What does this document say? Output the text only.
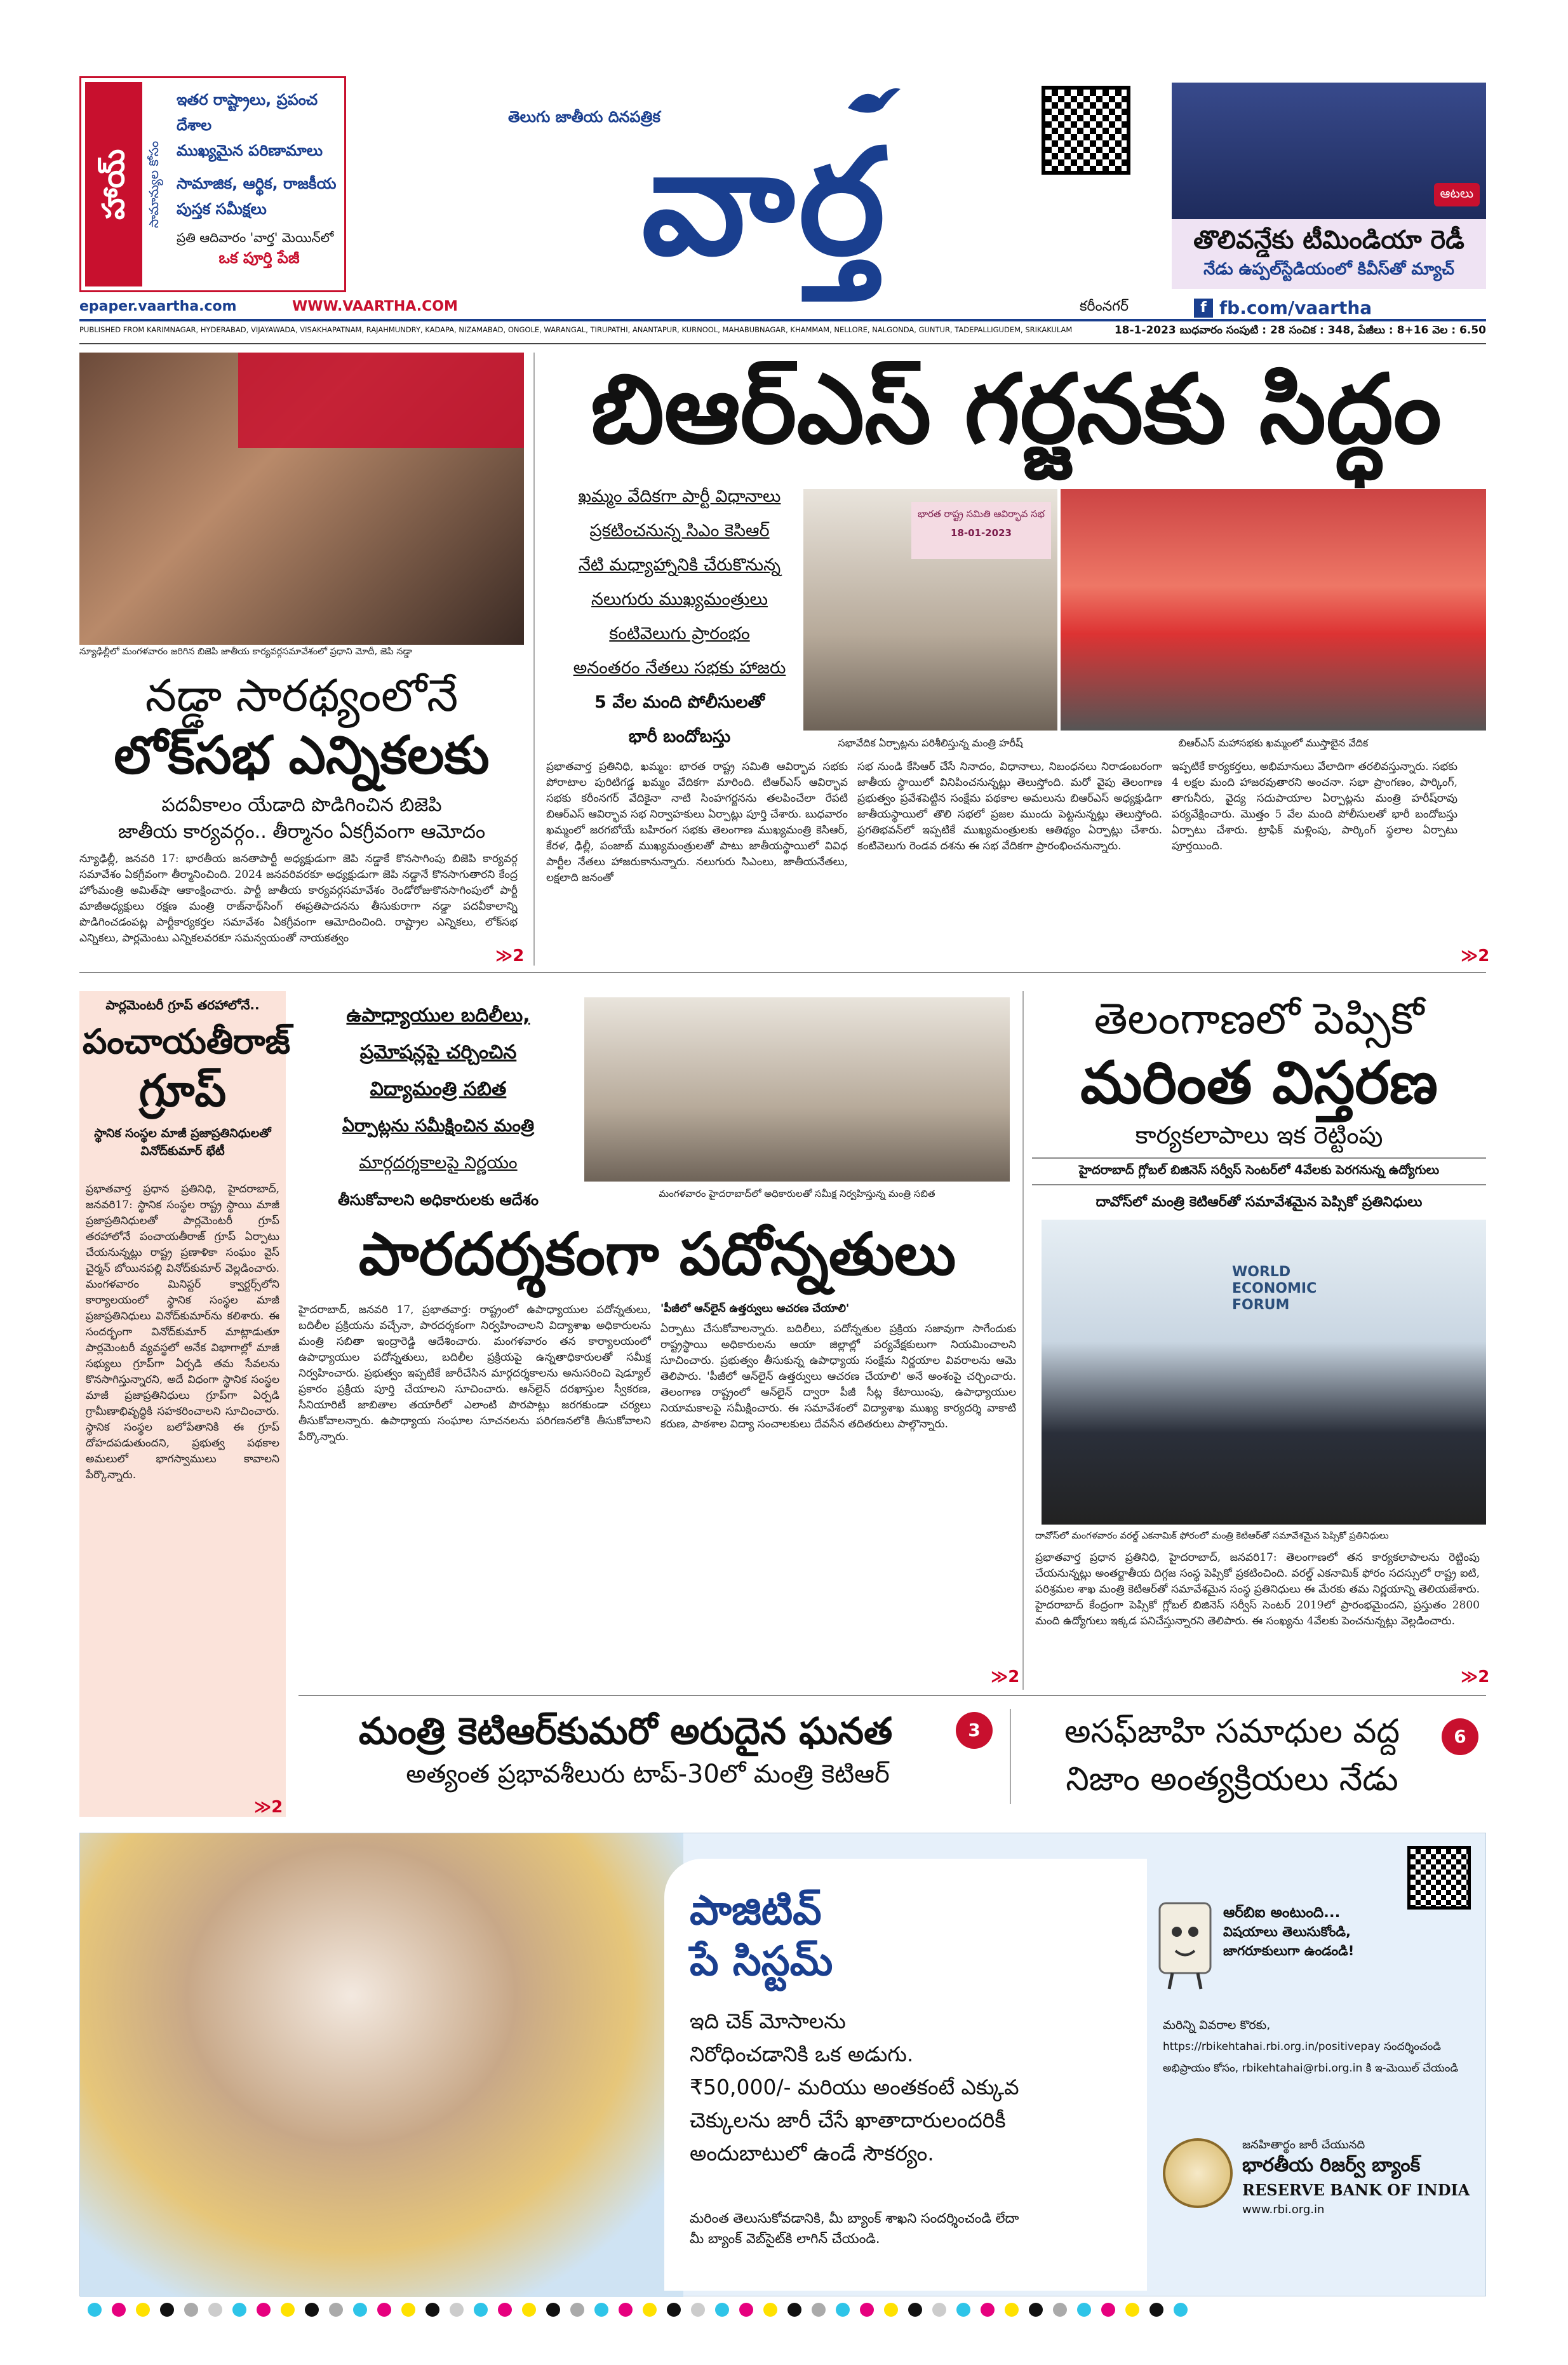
హాయ్	సామాన్యుల కోసం
ఇతర రాష్ట్రాలు, ప్రపంచ దేశాల
ముఖ్యమైన పరిణామాలు
సామాజిక, ఆర్థిక, రాజకీయ
పుస్తక సమీక్షలు
ప్రతి ఆదివారం 'వార్త' మెయిన్‌లో
ఒక పూర్తి పేజీ
తెలుగు జాతీయ దినపత్రిక
వార్త
f fb.com/vaartha
ఆటలు
తొలివన్డేకు టీమిండియా రెడీ
నేడు ఉప్పల్‌స్టేడియంలో కివీస్‌తో మ్యాచ్
epaper.vaartha.com	WWW.VAARTHA.COM	కరీంనగర్
PUBLISHED FROM KARIMNAGAR, HYDERABAD, VIJAYAWADA, VISAKHAPATNAM, RAJAHMUNDRY, KADAPA, NIZAMABAD, ONGOLE, WARANGAL, TIRUPATHI, ANANTAPUR, KURNOOL, MAHABUBNAGAR, KHAMMAM, NELLORE, NALGONDA, GUNTUR, TADEPALLIGUDEM, SRIKAKULAM	18-1-2023 బుధవారం సంపుటి : 28 సంచిక : 348, పేజీలు : 8+16 వెల : 6.50
న్యూఢిల్లీలో మంగళవారం జరిగిన బిజెపి జాతీయ కార్యవర్గసమావేశంలో ప్రధాని మోదీ, జెపి నడ్డా
నడ్డా సారథ్యంలోనే
లోక్‌సభ ఎన్నికలకు
పదవీకాలం యేడాది పొడిగించిన బిజెపి
జాతీయ కార్యవర్గం.. తీర్మానం ఏకగ్రీవంగా ఆమోదం
న్యూఢిల్లీ, జనవరి 17: భారతీయ జనతాపార్టీ అధ్యక్షుడుగా జెపి నడ్డాకే కొనసాగింపు బిజెపి కార్యవర్గ సమావేశం ఏకగ్రీవంగా తీర్మానించింది. 2024 జనవరివరకూ అధ్యక్షుడుగా జెపి నడ్డానే కొనసాగుతారని కేంద్ర హోంమంత్రి అమిత్‌షా ఆకాంక్షించారు. పార్టీ జాతీయ కార్యవర్గసమావేశం రెండోరోజుకొనసాగింపులో పార్టీ మాజీఅధ్యక్షులు రక్షణ మంత్రి రాజ్‌నాథ్‌సింగ్ ఈప్రతిపాదనను తీసుకురాగా నడ్డా పదవీకాలాన్ని పొడిగించడంపట్ల పార్టీకార్యకర్తల సమావేశం ఏకగ్రీవంగా ఆమోదించింది. రాష్ట్రాల ఎన్నికలు, లోక్‌సభ ఎన్నికలు, పార్లమెంటు ఎన్నికలవరకూ సమన్వయంతో నాయకత్వం
≫2
బిఆర్‌ఎస్ గర్జనకు సిద్ధం
ఖమ్మం వేదికగా పార్టీ విధానాలు
ప్రకటించనున్న సిఎం కెసిఆర్
నేటి మధ్యాహ్నానికి చేరుకొనున్న
నలుగురు ముఖ్యమంత్రులు
కంటివెలుగు ప్రారంభం
అనంతరం నేతలు సభకు హాజరు
5 వేల మంది పోలీసులతో
భారీ బందోబస్తు
భారత రాష్ట్ర సమితి ఆవిర్భావ సభ
18-01-2023
సభావేదిక ఏర్పాట్లను పరిశీలిస్తున్న మంత్రి హరీష్	బిఆర్‌ఎస్ మహాసభకు ఖమ్మంలో ముస్తాబైన వేదిక
ప్రభాతవార్త ప్రతినిధి, ఖమ్మం: భారత రాష్ట్ర సమితి ఆవిర్భావ సభకు పోరాటాల పురిటిగడ్డ ఖమ్మం వేదికగా మారింది. టిఆర్‌ఎస్ ఆవిర్భావ సభకు కరీంనగర్ వేదికైనా నాటి సింహగర్జనను తలపించేలా రేపటి బిఆర్‌ఎస్ ఆవిర్భావ సభ నిర్వాహకులు ఏర్పాట్లు పూర్తి చేశారు. బుధవారం ఖమ్మంలో జరగబోయే బహిరంగ సభకు తెలంగాణ ముఖ్యమంత్రి కెసిఆర్, కేరళ, ఢిల్లీ, పంజాబ్ ముఖ్యమంత్రులతో పాటు జాతీయస్థాయిలో వివిధ పార్టీల నేతలు హాజరుకానున్నారు. నలుగురు సిఎంలు, జాతీయనేతలు, లక్షలాది జనంతో
సభ నుండి కేసిఆర్ చేసే నినాదం, విధానాలు, నిబంధనలు నిరాడంబరంగా జాతీయ స్థాయిలో వినిపించనున్నట్లు తెలుస్తోంది. మరో వైపు తెలంగాణ ప్రభుత్వం ప్రవేశపెట్టిన సంక్షేమ పథకాల అమలును బిఆర్‌ఎస్ అధ్యక్షుడిగా జాతీయస్థాయిలో తొలి సభలో ప్రజల ముందు పెట్టనున్నట్లు తెలుస్తోంది. ప్రగతిభవన్‌లో ఇప్పటికే ముఖ్యమంత్రులకు ఆతిథ్యం ఏర్పాట్లు చేశారు. కంటివెలుగు రెండవ దశను ఈ సభ వేదికగా ప్రారంభించనున్నారు.
ఇప్పటికే కార్యకర్తలు, అభిమానులు వేలాదిగా తరలివస్తున్నారు. సభకు 4 లక్షల మంది హాజరవుతారని అంచనా. సభా ప్రాంగణం, పార్కింగ్, తాగునీరు, వైద్య సదుపాయాల ఏర్పాట్లను మంత్రి హరీష్‌రావు పర్యవేక్షించారు. మొత్తం 5 వేల మంది పోలీసులతో భారీ బందోబస్తు ఏర్పాటు చేశారు. ట్రాఫిక్ మళ్లింపు, పార్కింగ్ స్థలాల ఏర్పాటు పూర్తయింది.
≫2
పార్లమెంటరీ గ్రూప్ తరహాలోనే..
పంచాయతీరాజ్
గ్రూప్
స్థానిక సంస్థల మాజీ ప్రజాప్రతినిధులతో వినోద్‌కుమార్ భేటీ
ప్రభాతవార్త ప్రధాన ప్రతినిధి, హైదరాబాద్, జనవరి17: స్థానిక సంస్థల రాష్ట్ర స్థాయి మాజీ ప్రజాప్రతినిధులతో పార్లమెంటరీ గ్రూప్ తరహాలోనే పంచాయతీరాజ్ గ్రూప్ ఏర్పాటు చేయనున్నట్లు రాష్ట్ర ప్రణాళికా సంఘం వైస్ చైర్మన్ బోయినపల్లి వినోద్‌కుమార్ వెల్లడించారు. మంగళవారం మినిస్టర్ క్వార్టర్స్‌లోని కార్యాలయంలో స్థానిక సంస్థల మాజీ ప్రజాప్రతినిధులు వినోద్‌కుమార్‌ను కలిశారు. ఈ సందర్భంగా వినోద్‌కుమార్ మాట్లాడుతూ పార్లమెంటరీ వ్యవస్థలో అనేక విభాగాల్లో మాజీ సభ్యులు గ్రూప్‌గా ఏర్పడి తమ సేవలను కొనసాగిస్తున్నారని, అదే విధంగా స్థానిక సంస్థల మాజీ ప్రజాప్రతినిధులు గ్రూప్‌గా ఏర్పడి గ్రామీణాభివృద్ధికి సహకరించాలని సూచించారు. స్థానిక సంస్థల బలోపేతానికి ఈ గ్రూప్ దోహదపడుతుందని, ప్రభుత్వ పథకాల అమలులో భాగస్వాములు కావాలని పేర్కొన్నారు.
≫2
ఉపాధ్యాయుల బదిలీలు,
ప్రమోషన్లపై చర్చించిన
విద్యామంత్రి సబిత
ఏర్పాట్లను సమీక్షించిన మంత్రి
మార్గదర్శకాలపై నిర్ణయం
తీసుకోవాలని అధికారులకు ఆదేశం	మంగళవారం హైదరాబాద్‌లో అధికారులతో సమీక్ష నిర్వహిస్తున్న మంత్రి సబిత
పారదర్శకంగా పదోన్నతులు
హైదరాబాద్, జనవరి 17, ప్రభాతవార్త: రాష్ట్రంలో ఉపాధ్యాయుల పదోన్నతులు, బదిలీల ప్రక్రియను వచ్చేనా, పారదర్శకంగా నిర్వహించాలని విద్యాశాఖ అధికారులను మంత్రి సబితా ఇంద్రారెడ్డి ఆదేశించారు. మంగళవారం తన కార్యాలయంలో ఉపాధ్యాయుల పదోన్నతులు, బదిలీల ప్రక్రియపై ఉన్నతాధికారులతో సమీక్ష నిర్వహించారు. ప్రభుత్వం ఇప్పటికే జారీచేసిన మార్గదర్శకాలను అనుసరించి షెడ్యూల్ ప్రకారం ప్రక్రియ పూర్తి చేయాలని సూచించారు. ఆన్‌లైన్ దరఖాస్తుల స్వీకరణ, సీనియారిటీ జాబితాల తయారీలో ఎలాంటి పొరపాట్లు జరగకుండా చర్యలు తీసుకోవాలన్నారు. ఉపాధ్యాయ సంఘాల సూచనలను పరిగణనలోకి తీసుకోవాలని పేర్కొన్నారు.
'పీజీలో ఆన్‌లైన్ ఉత్తర్వులు ఆచరణ చేయాలి'
ఏర్పాటు చేసుకోవాలన్నారు. బదిలీలు, పదోన్నతుల ప్రక్రియ సజావుగా సాగేందుకు రాష్ట్రస్థాయి అధికారులను ఆయా జిల్లాల్లో పర్యవేక్షకులుగా నియమించాలని సూచించారు. ప్రభుత్వం తీసుకున్న ఉపాధ్యాయ సంక్షేమ నిర్ణయాల వివరాలను ఆమె తెలిపారు. 'పీజీలో ఆన్‌లైన్ ఉత్తర్వులు ఆచరణ చేయాలి' అనే అంశంపై చర్చించారు. తెలంగాణ రాష్ట్రంలో ఆన్‌లైన్ ద్వారా పీజీ సీట్ల కేటాయింపు, ఉపాధ్యాయుల నియామకాలపై సమీక్షించారు. ఈ సమావేశంలో విద్యాశాఖ ముఖ్య కార్యదర్శి వాకాటి కరుణ, పాఠశాల విద్యా సంచాలకులు దేవసేన తదితరులు పాల్గొన్నారు.
≫2
తెలంగాణలో పెప్సికో
మరింత విస్తరణ
కార్యకలాపాలు ఇక రెట్టింపు
హైదరాబాద్ గ్లోబల్ బిజినెస్ సర్వీస్ సెంటర్‌లో 4వేలకు పెరగనున్న ఉద్యోగులు
దావోస్‌లో మంత్రి కెటిఆర్‌తో సమావేశమైన పెప్సికో ప్రతినిధులు
WORLD
ECONOMIC
FORUM
దావోస్‌లో మంగళవారం వరల్డ్ ఎకనామిక్ ఫోరంలో మంత్రి కెటిఆర్‌తో సమావేశమైన పెప్సికో ప్రతినిధులు
ప్రభాతవార్త ప్రధాన ప్రతినిధి, హైదరాబాద్, జనవరి17: తెలంగాణలో తన కార్యకలాపాలను రెట్టింపు చేయనున్నట్లు అంతర్జాతీయ దిగ్గజ సంస్థ పెప్సికో ప్రకటించింది. వరల్డ్ ఎకనామిక్ ఫోరం సదస్సులో రాష్ట్ర ఐటి, పరిశ్రమల శాఖ మంత్రి కెటిఆర్‌తో సమావేశమైన సంస్థ ప్రతినిధులు ఈ మేరకు తమ నిర్ణయాన్ని తెలియజేశారు. హైదరాబాద్ కేంద్రంగా పెప్సికో గ్లోబల్ బిజినెస్ సర్వీస్ సెంటర్ 2019లో ప్రారంభమైందని, ప్రస్తుతం 2800 మంది ఉద్యోగులు ఇక్కడ పనిచేస్తున్నారని తెలిపారు. ఈ సంఖ్యను 4వేలకు పెంచనున్నట్లు వెల్లడించారు.
≫2
మంత్రి కెటిఆర్‌కుమరో అరుదైన ఘనత	3
అత్యంత ప్రభావశీలురు టాప్-30లో మంత్రి కెటిఆర్
అసఫ్‌జాహి సమాధుల వద్ద
నిజాం అంత్యక్రియలు నేడు
6
పాజిటివ్
పే సిస్టమ్
ఇది చెక్ మోసాలను
నిరోధించడానికి ఒక అడుగు.
₹50,000/- మరియు అంతకంటే ఎక్కువ
చెక్కులను జారీ చేసే ఖాతాదారులందరికీ
అందుబాటులో ఉండే సౌకర్యం.
మరింత తెలుసుకోవడానికి, మీ బ్యాంక్ శాఖని సందర్శించండి లేదా
మీ బ్యాంక్ వెబ్‌సైట్‌కి లాగిన్ చేయండి.
ఆర్‌బిఐ అంటుంది...
విషయాలు తెలుసుకోండి,
జాగరూకులుగా ఉండండి!
మరిన్ని వివరాల కొరకు,
https://rbikehtahai.rbi.org.in/positivepay సందర్శించండి
అభిప్రాయం కోసం, rbikehtahai@rbi.org.in కి ఇ-మెయిల్ చేయండి
జనహితార్థం జారీ చేయునది
భారతీయ రిజర్వ్ బ్యాంక్
RESERVE BANK OF INDIA
www.rbi.org.in
